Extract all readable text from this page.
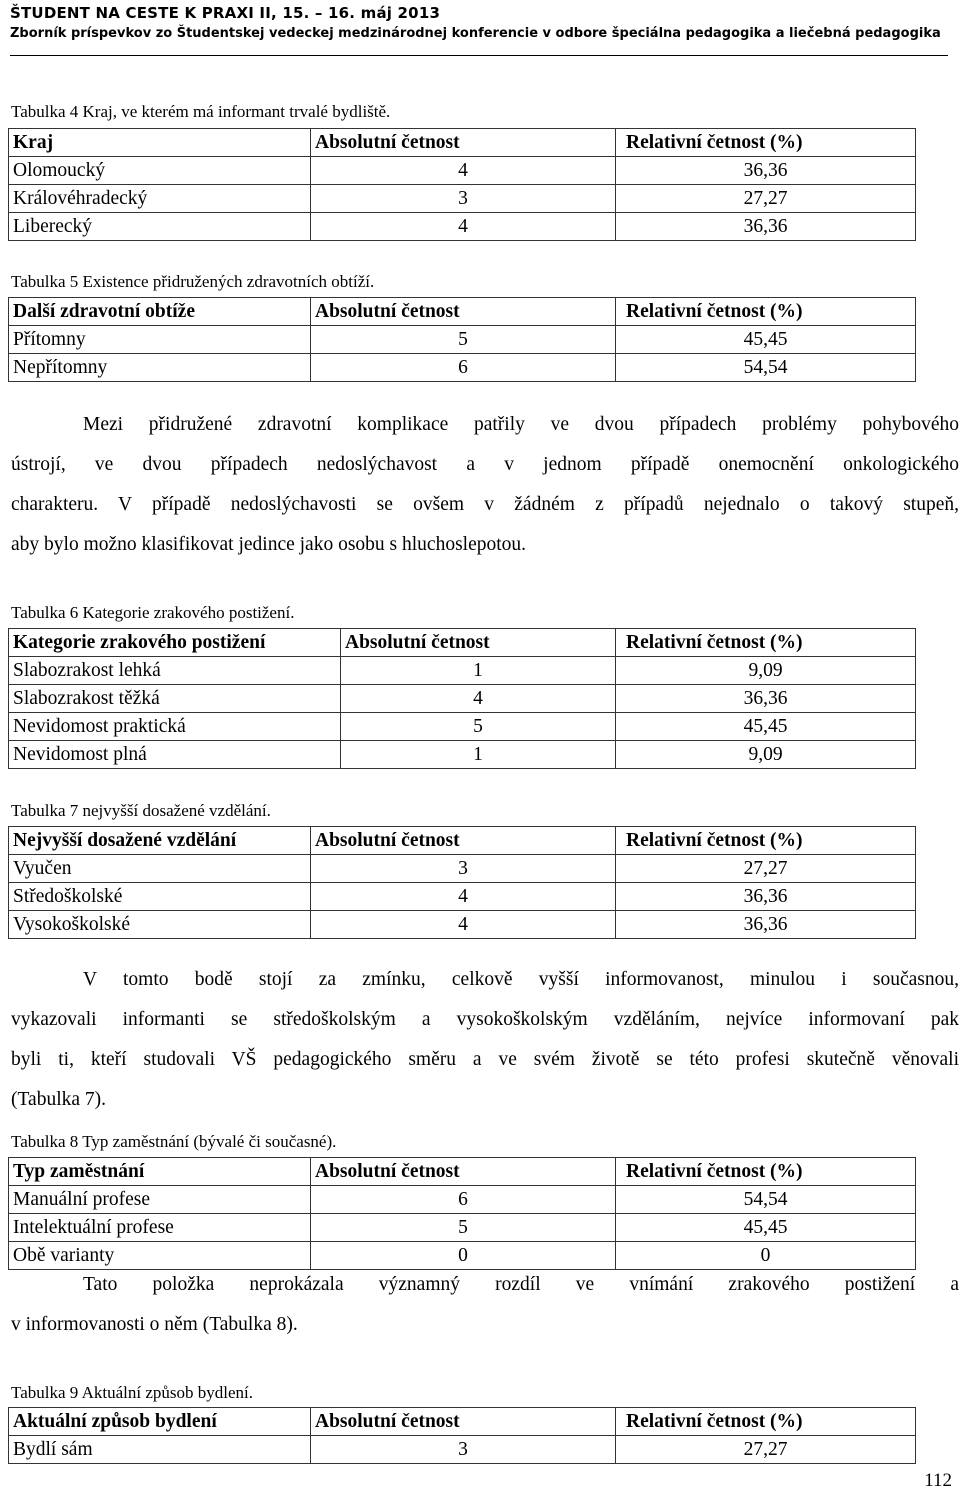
ŠTUDENT NA CESTE K PRAXI II, 15. – 16. máj 2013
Zborník príspevkov zo Študentskej vedeckej medzinárodnej konferencie v odbore špeciálna pedagogika a liečebná pedagogika
Tabulka 4 Kraj, ve kterém má informant trvalé bydliště.
Kraj	Absolutní četnost	Relativní četnost (%)
Olomoucký	4	36,36
Královéhradecký	3	27,27
Liberecký	4	36,36
Tabulka 5 Existence přidružených zdravotních obtíží.
Další zdravotní obtíže	Absolutní četnost	Relativní četnost (%)
Přítomny	5	45,45
Nepřítomny	6	54,54
Mezi přidružené zdravotní komplikace patřily ve dvou případech problémy pohybového
ústrojí, ve dvou případech nedoslýchavost a v jednom případě onemocnění onkologického
charakteru. V případě nedoslýchavosti se ovšem v žádném z případů nejednalo o takový stupeň,
aby bylo možno klasifikovat jedince jako osobu s hluchoslepotou.
Tabulka 6 Kategorie zrakového postižení.
Kategorie zrakového postižení	Absolutní četnost	Relativní četnost (%)
Slabozrakost lehká	1	9,09
Slabozrakost těžká	4	36,36
Nevidomost praktická	5	45,45
Nevidomost plná	1	9,09
Tabulka 7 nejvyšší dosažené vzdělání.
Nejvyšší dosažené vzdělání	Absolutní četnost	Relativní četnost (%)
Vyučen	3	27,27
Středoškolské	4	36,36
Vysokoškolské	4	36,36
V tomto bodě stojí za zmínku, celkově vyšší informovanost, minulou i současnou,
vykazovali informanti se středoškolským a vysokoškolským vzděláním, nejvíce informovaní pak
byli ti, kteří studovali VŠ pedagogického směru a ve svém životě se této profesi skutečně věnovali
(Tabulka 7).
Tabulka 8 Typ zaměstnání (bývalé či současné).
Typ zaměstnání	Absolutní četnost	Relativní četnost (%)
Manuální profese	6	54,54
Intelektuální profese	5	45,45
Obě varianty	0	0
Tato položka neprokázala významný rozdíl ve vnímání zrakového postižení a
v informovanosti o něm (Tabulka 8).
Tabulka 9 Aktuální způsob bydlení.
Aktuální způsob bydlení	Absolutní četnost	Relativní četnost (%)
Bydlí sám	3	27,27
112
